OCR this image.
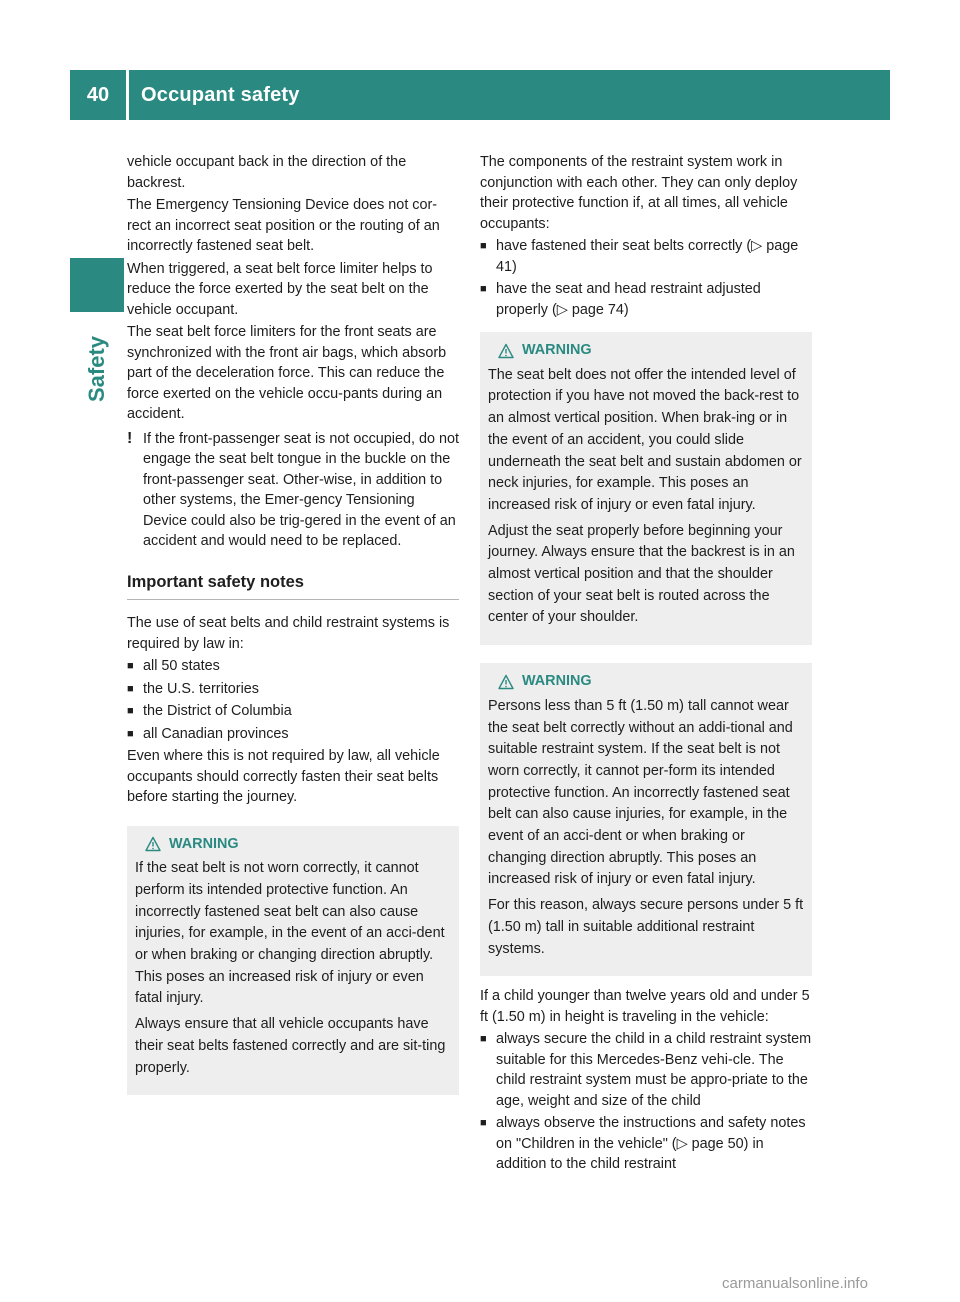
40	Occupant safety
Safety

vehicle occupant back in the direction of the backrest.

The Emergency Tensioning Device does not cor-rect an incorrect seat position or the routing of an incorrectly fastened seat belt.

When triggered, a seat belt force limiter helps to reduce the force exerted by the seat belt on the vehicle occupant.

The seat belt force limiters for the front seats are synchronized with the front air bags, which absorb part of the deceleration force. This can reduce the force exerted on the vehicle occu-pants during an accident.

! If the front-passenger seat is not occupied, do not engage the seat belt tongue in the buckle on the front-passenger seat. Other-wise, in addition to other systems, the Emer-gency Tensioning Device could also be trig-gered in the event of an accident and would need to be replaced.
Important safety notes

The use of seat belts and child restraint systems is required by law in:

■ all 50 states
■ the U.S. territories
■ the District of Columbia
■ all Canadian provinces

Even where this is not required by law, all vehicle occupants should correctly fasten their seat belts before starting the journey.

WARNING

If the seat belt is not worn correctly, it cannot perform its intended protective function. An incorrectly fastened seat belt can also cause injuries, for example, in the event of an acci-dent or when braking or changing direction abruptly. This poses an increased risk of injury or even fatal injury.

Always ensure that all vehicle occupants have their seat belts fastened correctly and are sit-ting properly.

The components of the restraint system work in conjunction with each other. They can only deploy their protective function if, at all times, all vehicle occupants:

■ have fastened their seat belts correctly (▷ page 41)
■ have the seat and head restraint adjusted properly (▷ page 74)
WARNING

The seat belt does not offer the intended level of protection if you have not moved the back-rest to an almost vertical position. When brak-ing or in the event of an accident, you could slide underneath the seat belt and sustain abdomen or neck injuries, for example. This poses an increased risk of injury or even fatal injury.

Adjust the seat properly before beginning your journey. Always ensure that the backrest is in an almost vertical position and that the shoulder section of your seat belt is routed across the center of your shoulder.

WARNING

Persons less than 5 ft (1.50 m) tall cannot wear the seat belt correctly without an addi-tional and suitable restraint system. If the seat belt is not worn correctly, it cannot per-form its intended protective function. An incorrectly fastened seat belt can also cause injuries, for example, in the event of an acci-dent or when braking or changing direction abruptly. This poses an increased risk of injury or even fatal injury.

For this reason, always secure persons under 5 ft (1.50 m) tall in suitable additional restraint systems.

If a child younger than twelve years old and under 5 ft (1.50 m) in height is traveling in the vehicle:

■ always secure the child in a child restraint system suitable for this Mercedes-Benz vehi-cle. The child restraint system must be appro-priate to the age, weight and size of the child
■ always observe the instructions and safety notes on "Children in the vehicle" (▷ page 50) in addition to the child restraint
carmanualsonline.info
